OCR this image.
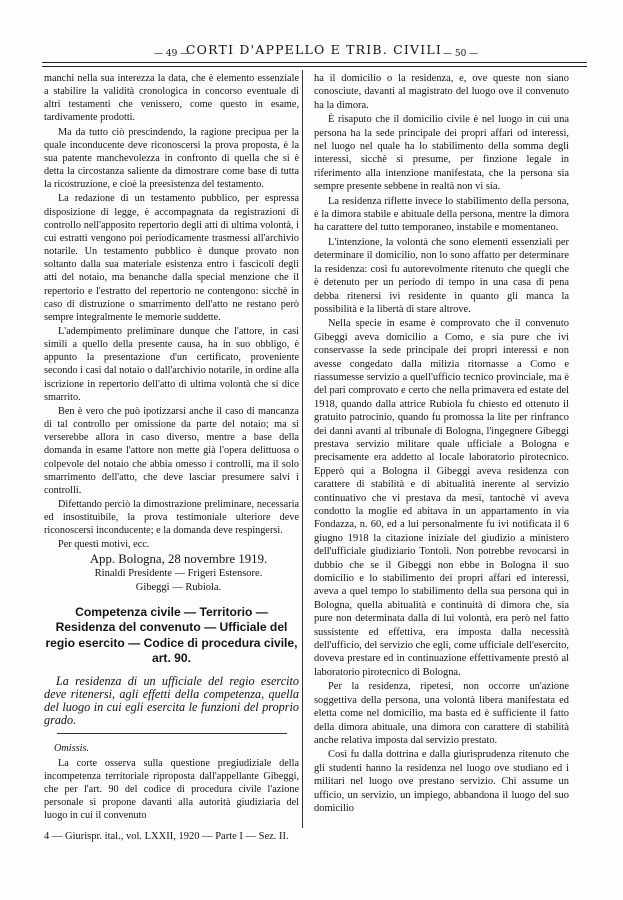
— 49 —
CORTI D'APPELLO E TRIB. CIVILI — 50 —

manchi nella sua interezza la data, che è elemento essenziale a stabilire la validità cronologica in concorso eventuale di altri testamenti che venissero, come questo in esame, tardivamente prodotti.

Ma da tutto ciò prescindendo, la ragione precipua per la quale inconducente deve riconoscersi la prova proposta, è la sua patente manchevolezza in confronto di quella che si è detta la circostanza saliente da dimostrare come base di tutta la ricostruzione, e cioè la preesistenza del testamento.

La redazione di un testamento pubblico, per espressa disposizione di legge, è accompagnata da registrazioni di controllo nell'apposito repertorio degli atti di ultima volontà, i cui estratti vengono poi periodicamente trasmessi all'archivio notarile. Un testamento pubblico è dunque provato non soltanto dalla sua materiale esistenza entro i fascicoli degli atti del notaio, ma benanche dalla special menzione che il repertorio e l'estratto del repertorio ne contengono: sicchè in caso di distruzione o smarrimento dell'atto ne restano però sempre integralmente le memorie suddette.

L'adempimento preliminare dunque che l'attore, in casi simili a quello della presente causa, ha in suo obbligo, è appunto la presentazione d'un certificato, proveniente secondo i casi dal notaio o dall'archivio notarile, in ordine alla iscrizione in repertorio dell'atto di ultima volontà che si dice smarrito.

Ben è vero che può ipotizzarsi anche il caso di mancanza di tal controllo per omissione da parte del notaio; ma si verserebbe allora in caso diverso, mentre a base della domanda in esame l'attore non mette già l'opera delittuosa o colpevole del notaio che abbia omesso i controlli, ma il solo smarrimento dell'atto, che deve lasciar presumere salvi i controlli.

Difettando perciò la dimostrazione preliminare, necessaria ed insostituibile, la prova testimoniale ulteriore deve riconoscersi inconducente; e la domanda deve respingersi.

Per questi motivi, ecc.

App. Bologna, 28 novembre 1919.

Rinaldi Presidente — Frigeri Estensore.

Gibeggi — Rubiola.

Competenza civile — Territorio — Residenza del convenuto — Ufficiale del regio esercito — Codice di procedura civile, art. 90.

La residenza di un ufficiale del regio esercito deve ritenersi, agli effetti della competenza, quella del luogo in cui egli esercita le funzioni del proprio grado.

Omissis.

La corte osserva sulla questione pregiudiziale della incompetenza territoriale riproposta dall'appellante Gibeggi, che per l'art. 90 del codice di procedura civile l'azione personale si propone davanti alla autorità giudiziaria del luogo in cui il convenuto

ha il domicilio o la residenza, e, ove queste non siano conosciute, davanti al magistrato del luogo ove il convenuto ha la dimora.

È risaputo che il domicilio civile è nel luogo in cui una persona ha la sede principale dei propri affari od interessi, nel luogo nel quale ha lo stabilimento della somma degli interessi, sicchè si presume, per finzione legale in riferimento alla intenzione manifestata, che la persona sia sempre presente sebbene in realtà non vi sia.

La residenza riflette invece lo stabilimento della persona, è la dimora stabile e abituale della persona, mentre la dimora ha carattere del tutto temporaneo, instabile e momentaneo.

L'intenzione, la volontà che sono elementi essenziali per determinare il domicilio, non lo sono affatto per determinare la residenza: così fu autorevolmente ritenuto che quegli che è detenuto per un periodo di tempo in una casa di pena debba ritenersi ivi residente in quanto gli manca la possibilità e la libertà di stare altrove.

Nella specie in esame è comprovato che il convenuto Gibeggi aveva domicilio a Como, e sia pure che ivi conservasse la sede principale dei propri interessi e non avesse congedato dalla milizia ritornasse a Como e riassumesse servizio a quell'ufficio tecnico provinciale, ma è del pari comprovato e certo che nella primavera ed estate del 1918, quando dalla attrice Rubiola fu chiesto ed ottenuto il gratuito patrocinio, quando fu promossa la lite per rinfranco dei danni avanti al tribunale di Bologna, l'ingegnere Gibeggi prestava servizio militare quale ufficiale a Bologna e precisamente era addetto al locale laboratorio pirotecnico. Epperò qui a Bologna il Gibeggi aveva residenza con carattere di stabilità e di abitualità inerente al servizio continuativo che vi prestava da mesi, tantochè vi aveva condotto la moglie ed abitava in un appartamento in via Fondazza, n. 60, ed a lui personalmente fu ivi notificata il 6 giugno 1918 la citazione iniziale del giudizio a ministero dell'ufficiale giudiziario Tontoli. Non potrebbe revocarsi in dubbio che se il Gibeggi non ebbe in Bologna il suo domicilio e lo stabilimento dei propri affari ed interessi, aveva a quel tempo lo stabilimento della sua persona qui in Bologna, quella abitualità e continuità di dimora che, sia pure non determinata dalla di lui volontà, era però nel fatto sussistente ed effettiva, era imposta dalla necessità dell'ufficio, del servizio che egli, come ufficiale dell'esercito, doveva prestare ed in continuazione effettivamente prestò al laboratorio pirotecnico di Bologna.

Per la residenza, ripetesi, non occorre un'azione soggettiva della persona, una volontà libera manifestata ed eletta come nel domicilio, ma basta ed è sufficiente il fatto della dimora abituale, una dimora con carattere di stabilità anche relativa imposta dal servizio prestato.

Così fu dalla dottrina e dalla giurisprudenza ritenuto che gli studenti hanno la residenza nel luogo ove studiano ed i militari nel luogo ove prestano servizio. Chi assume un ufficio, un servizio, un impiego, abbandona il luogo del suo domicilio

4 — Giurispr. ital., vol. LXXII, 1920 — Parte I — Sez. II.
